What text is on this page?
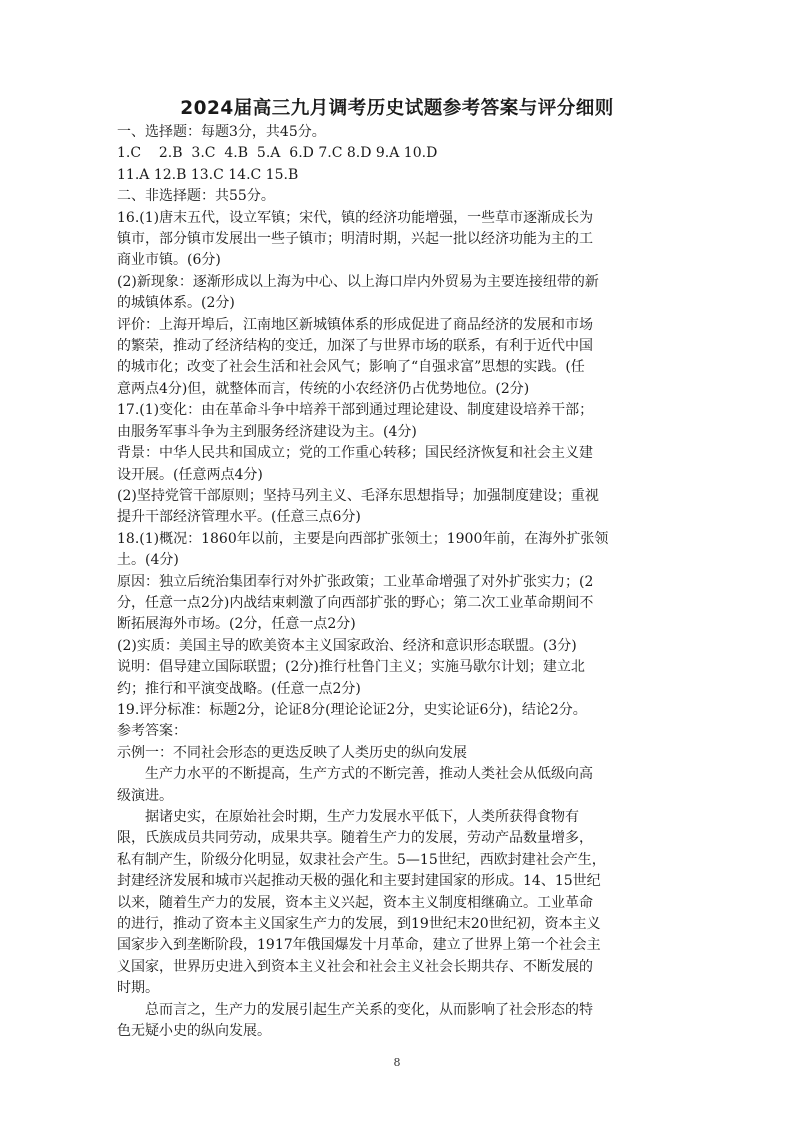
2024届高三九月调考历史试题参考答案与评分细则

一、选择题：每题3分，共45分。

1.C    2.B  3.C  4.B  5.A  6.D 7.C 8.D 9.A 10.D

11.A 12.B 13.C 14.C 15.B

二、非选择题：共55分。

16.(1)唐末五代，设立军镇；宋代，镇的经济功能增强，一些草市逐渐成长为

镇市，部分镇市发展出一些子镇市；明清时期，兴起一批以经济功能为主的工

商业市镇。(6分)

(2)新现象：逐渐形成以上海为中心、以上海口岸内外贸易为主要连接纽带的新

的城镇体系。(2分)

评价：上海开埠后，江南地区新城镇体系的形成促进了商品经济的发展和市场

的繁荣，推动了经济结构的变迁，加深了与世界市场的联系，有利于近代中国

的城市化；改变了社会生活和社会风气；影响了“自强求富”思想的实践。(任

意两点4分)但，就整体而言，传统的小农经济仍占优势地位。(2分)

17.(1)变化：由在革命斗争中培养干部到通过理论建设、制度建设培养干部；

由服务军事斗争为主到服务经济建设为主。(4分)

背景：中华人民共和国成立；党的工作重心转移；国民经济恢复和社会主义建

设开展。(任意两点4分)

(2)坚持党管干部原则；坚持马列主义、毛泽东思想指导；加强制度建设；重视

提升干部经济管理水平。(任意三点6分)

18.(1)概况：1860年以前，主要是向西部扩张领土；1900年前，在海外扩张领

土。(4分)

原因：独立后统治集团奉行对外扩张政策；工业革命增强了对外扩张实力；(2

分，任意一点2分)内战结束刺激了向西部扩张的野心；第二次工业革命期间不

断拓展海外市场。(2分，任意一点2分)

(2)实质：美国主导的欧美资本主义国家政治、经济和意识形态联盟。(3分)

说明：倡导建立国际联盟；(2分)推行杜鲁门主义；实施马歇尔计划；建立北

约；推行和平演变战略。(任意一点2分)

19.评分标准：标题2分，论证8分(理论论证2分，史实论证6分)，结论2分。

参考答案：

示例一：不同社会形态的更迭反映了人类历史的纵向发展

生产力水平的不断提高，生产方式的不断完善，推动人类社会从低级向高

级演进。

据诸史实，在原始社会时期，生产力发展水平低下，人类所获得食物有

限，氏族成员共同劳动，成果共享。随着生产力的发展，劳动产品数量增多，

私有制产生，阶级分化明显，奴隶社会产生。5—15世纪，西欧封建社会产生，

封建经济发展和城市兴起推动天极的强化和主要封建国家的形成。14、15世纪

以来，随着生产力的发展，资本主义兴起，资本主义制度相继确立。工业革命

的进行，推动了资本主义国家生产力的发展，到19世纪末20世纪初，资本主义

国家步入到垄断阶段，1917年俄国爆发十月革命，建立了世界上第一个社会主

义国家，世界历史进入到资本主义社会和社会主义社会长期共存、不断发展的

时期。

总而言之，生产力的发展引起生产关系的变化，从而影响了社会形态的特

色无疑小史的纵向发展。

8
